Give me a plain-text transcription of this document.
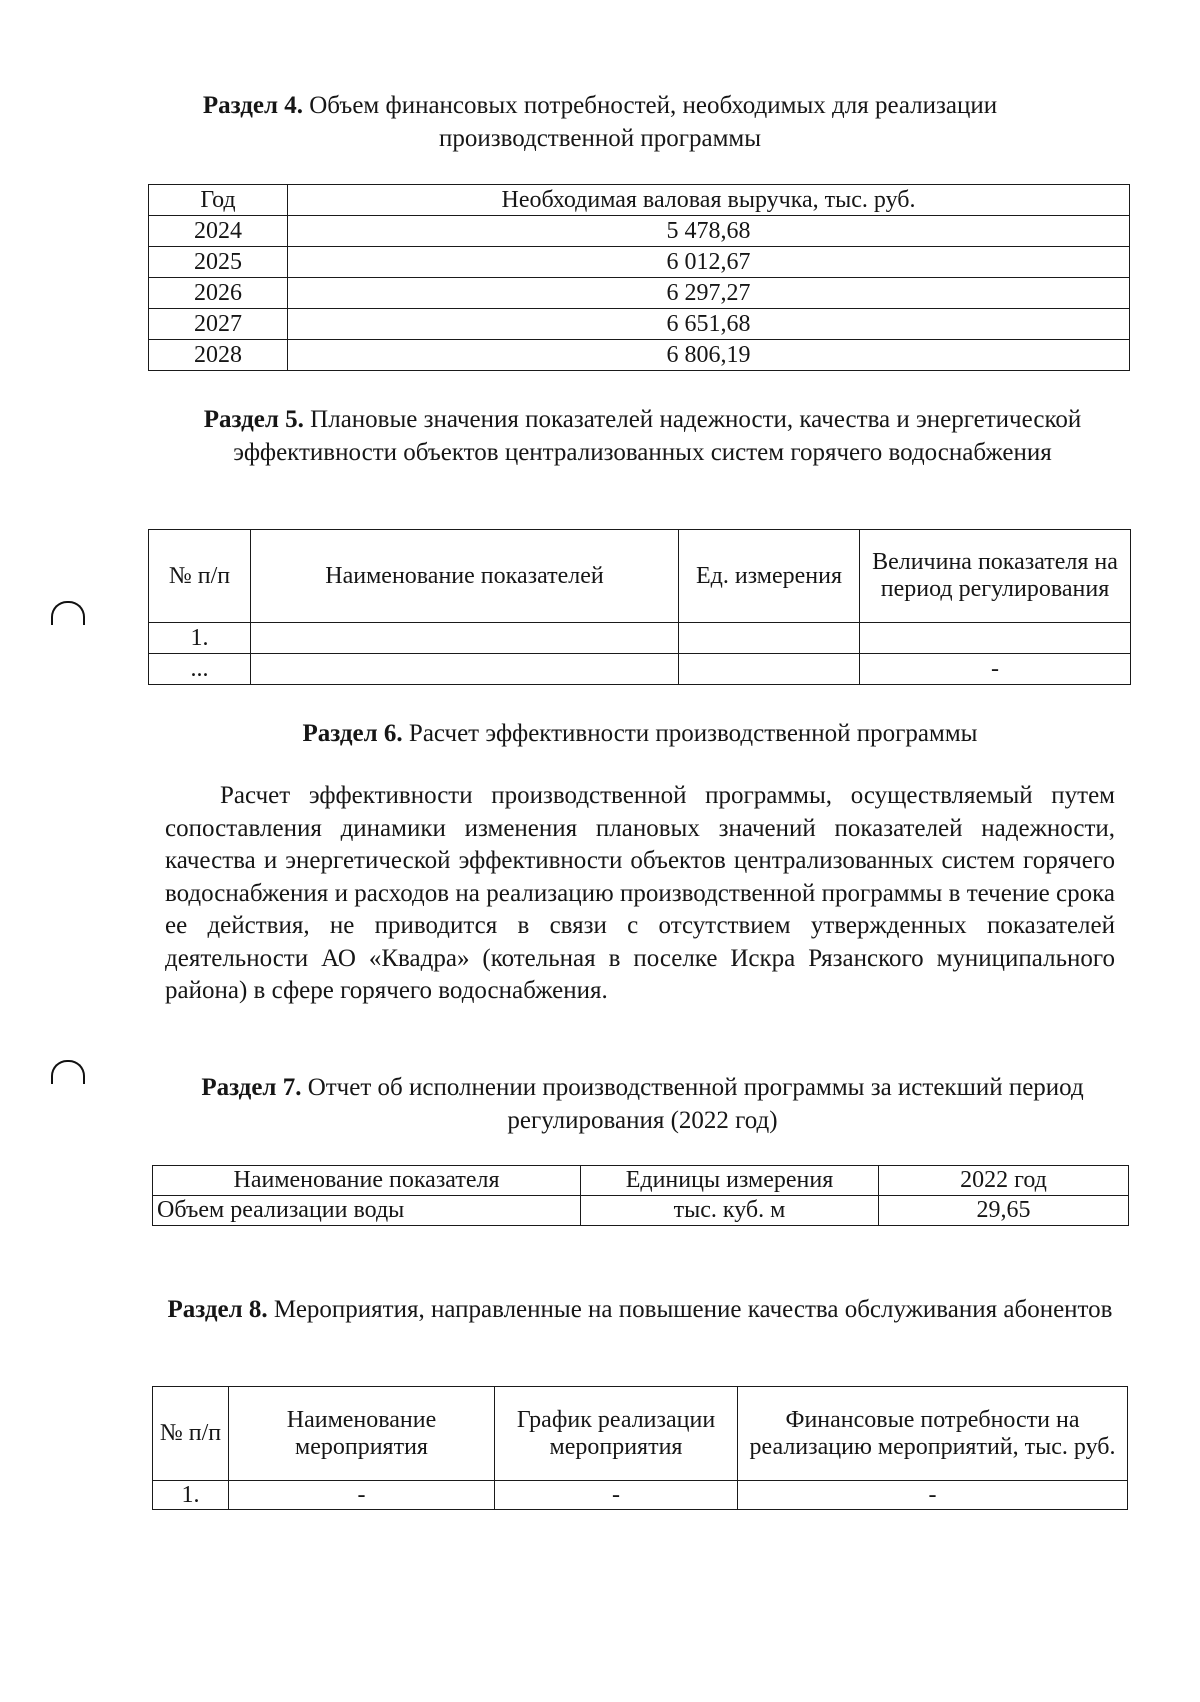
Раздел 4. Объем финансовых потребностей, необходимых для реализации производственной программы
Год	Необходимая валовая выручка, тыс. руб.
2024	5 478,68
2025	6 012,67
2026	6 297,27
2027	6 651,68
2028	6 806,19
Раздел 5. Плановые значения показателей надежности, качества и энергетической эффективности объектов централизованных систем горячего водоснабжения
№ п/п	Наименование показателей	Ед. измерения	Величина показателя на период регулирования
1.			
...			-
Раздел 6. Расчет эффективности производственной программы

Расчет эффективности производственной программы, осуществляемый путем сопоставления динамики изменения плановых значений показателей надежности, качества и энергетической эффективности объектов централизованных систем горячего водоснабжения и расходов на реализацию производственной программы в течение срока ее действия, не приводится в связи с отсутствием утвержденных показателей деятельности АО «Квадра» (котельная в поселке Искра Рязанского муниципального района) в сфере горячего водоснабжения.

Раздел 7. Отчет об исполнении производственной программы за истекший период регулирования (2022 год)
Наименование показателя	Единицы измерения	2022 год
Объем реализации воды	тыс. куб. м	29,65
Раздел 8. Мероприятия, направленные на повышение качества обслуживания абонентов
№ п/п	Наименование мероприятия	График реализации мероприятия	Финансовые потребности на реализацию мероприятий, тыс. руб.
1.	-	-	-
